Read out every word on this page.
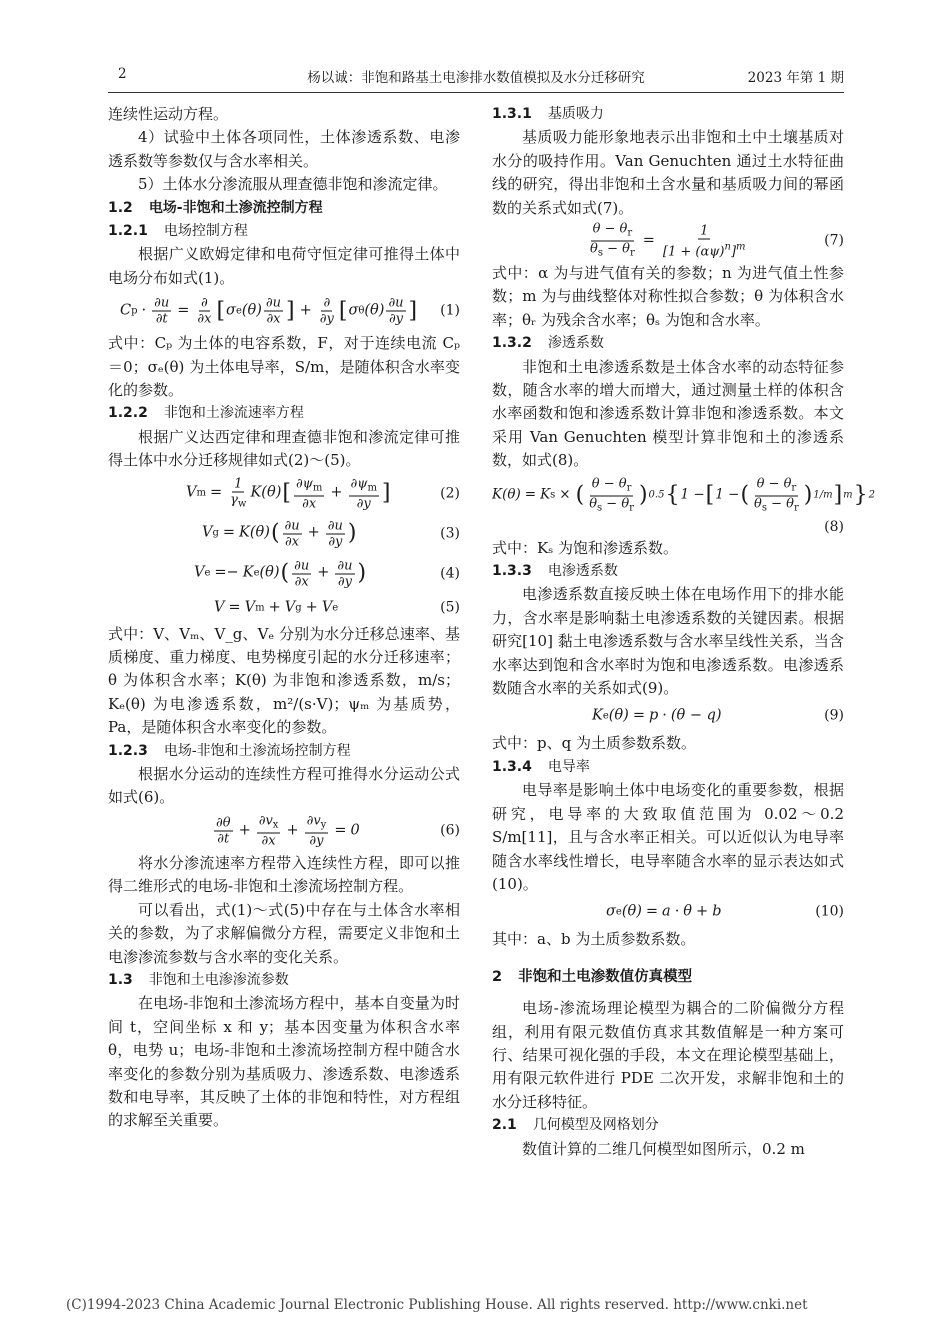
2	杨以诚：非饱和路基土电渗排水数值模拟及水分迁移研究	2023 年第 1 期

连续性运动方程。

4）试验中土体各项同性，土体渗透系数、电渗透系数等参数仅与含水率相关。

5）土体水分渗流服从理查德非饱和渗流定律。

1.2 电场-非饱和土渗流控制方程
1.2.1 电场控制方程

根据广义欧姆定律和电荷守恒定律可推得土体中电场分布如式(1)。

C $p \cdot \frac{\partial u}{\partial t}$ = ∂
∂x [ σ e (θ) ∂u
∂x ] + ∂
∂y [ σ θ (θ) ∂u
∂y ] (1)

式中：Cₚ 为土体的电容系数，F，对于连续电流 Cₚ ＝0；σₑ(θ) 为土体电导率，S/m，是随体积含水率变化的参数。

1.2.2 非饱和土渗流速率方程

根据广义达西定律和理查德非饱和渗流定律可推得土体中水分迁移规律如式(2)～(5)。

V $m = \frac{1}{\gamma_w} K(\theta)$ [ $\partial\psi_m$
∂x
+ $\frac{\partial\psi_m}{\partial y}$ ]	(2)
V g = K(θ) ( ∂u
∂x
+ $\frac{\partial u}{\partial y}$ )	(3)
V e =− K e (θ) ( ∂u
∂x
+ $\frac{\partial u}{\partial y}$ )	(4)
V = V m + V g + V e	(5)

式中：V、Vₘ、V_g、Vₑ 分别为水分迁移总速率、基质梯度、重力梯度、电势梯度引起的水分迁移速率；θ 为体积含水率；K(θ) 为非饱和渗透系数，m/s；Kₑ(θ) 为电渗透系数，m²/(s·V)；ψₘ 为基质势，Pa，是随体积含水率变化的参数。

1.2.3 电场-非饱和土渗流场控制方程

根据水分运动的连续性方程可推得水分运动公式如式(6)。

∂θ
∂t
+ $\frac{\partial v_x}{\partial x} + \frac{\partial v_y}{\partial y} = 0$	(6)

将水分渗流速率方程带入连续性方程，即可以推得二维形式的电场-非饱和土渗流场控制方程。

可以看出，式(1)～式(5)中存在与土体含水率相关的参数，为了求解偏微分方程，需要定义非饱和土电渗渗流参数与含水率的变化关系。

1.3 非饱和土电渗渗流参数

在电场-非饱和土渗流场方程中，基本自变量为时间 t，空间坐标 x 和 y；基本因变量为体积含水率 θ，电势 u；电场-非饱和土渗流场控制方程中随含水率变化的参数分别为基质吸力、渗透系数、电渗透系数和电导率，其反映了土体的非饱和特性，对方程组的求解至关重要。

1.3.1 基质吸力

基质吸力能形象地表示出非饱和土中土壤基质对水分的吸持作用。Van Genuchten 通过土水特征曲线的研究，得出非饱和土含水量和基质吸力间的幂函数的关系式如式(7)。

$\frac{\theta - \theta_r}{\theta_s - \theta_r} = \frac{1}{[1 + (\alpha\psi)^n]^m}$	(7)

式中：α 为与进气值有关的参数；n 为进气值土性参数；m 为与曲线整体对称性拟合参数；θ 为体积含水率；θᵣ 为残余含水率；θₛ 为饱和含水率。

1.3.2 渗透系数

非饱和土电渗透系数是土体含水率的动态特征参数，随含水率的增大而增大，通过测量土样的体积含水率函数和饱和渗透系数计算非饱和渗透系数。本文采用 Van Genuchten 模型计算非饱和土的渗透系数，如式(8)。

K(θ) = K s × ( $\theta - \theta_r$
$\theta_s - \theta_r$ ) 0.5 { 1 − [ 1 − ( $\theta - \theta_r$
$\theta_s - \theta_r$ ) 1/m ] m } 2
(8)

式中：Kₛ 为饱和渗透系数。

1.3.3 电渗透系数

电渗透系数直接反映土体在电场作用下的排水能力，含水率是影响黏土电渗透系数的关键因素。根据研究[10] 黏土电渗透系数与含水率呈线性关系，当含水率达到饱和含水率时为饱和电渗透系数。电渗透系数随含水率的关系如式(9)。

K e (θ) = p · (θ − q)	(9)

式中：p、q 为土质参数系数。

1.3.4 电导率

电导率是影响土体中电场变化的重要参数，根据研究，电导率的大致取值范围为 0.02～0.2 S/m[11]，且与含水率正相关。可以近似认为电导率随含水率线性增长，电导率随含水率的显示表达如式(10)。

σ e (θ) = a · θ + b	(10)

其中：a、b 为土质参数系数。

2 非饱和土电渗数值仿真模型

电场-渗流场理论模型为耦合的二阶偏微分方程组，利用有限元数值仿真求其数值解是一种方案可行、结果可视化强的手段，本文在理论模型基础上，用有限元软件进行 PDE 二次开发，求解非饱和土的水分迁移特征。

2.1 几何模型及网格划分

数值计算的二维几何模型如图所示，0.2 m

(C)1994-2023 China Academic Journal Electronic Publishing House. All rights reserved. http://www.cnki.net
